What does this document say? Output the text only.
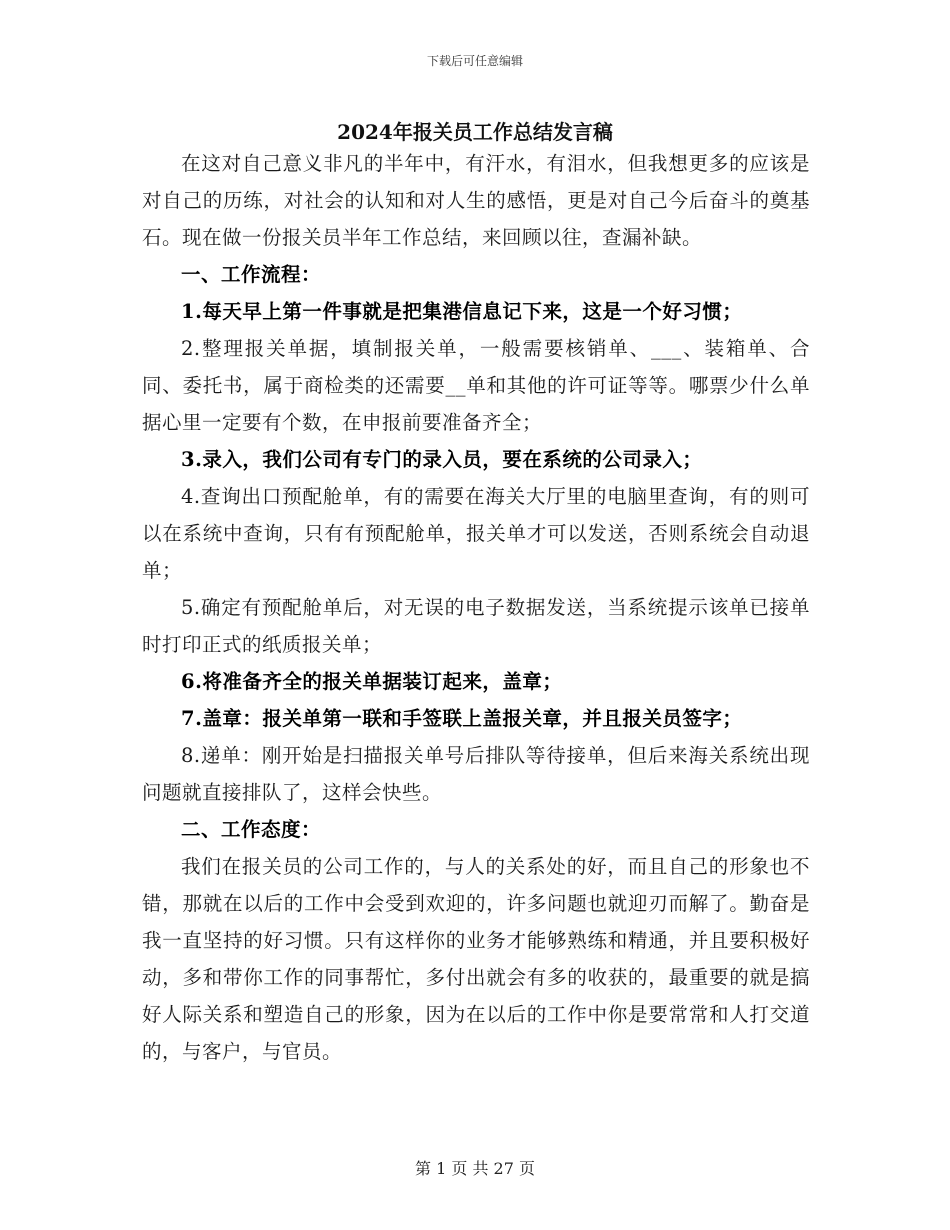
下载后可任意编辑
2024年报关员工作总结发言稿

在这对自己意义非凡的半年中，有汗水，有泪水，但我想更多的应该是对自己的历练，对社会的认知和对人生的感悟，更是对自己今后奋斗的奠基石。现在做一份报关员半年工作总结，来回顾以往，查漏补缺。

一、工作流程：

1.每天早上第一件事就是把集港信息记下来，这是一个好习惯；

2.整理报关单据，填制报关单，一般需要核销单、___、装箱单、合同、委托书，属于商检类的还需要__单和其他的许可证等等。哪票少什么单据心里一定要有个数，在申报前要准备齐全；

3.录入，我们公司有专门的录入员，要在系统的公司录入；

4.查询出口预配舱单，有的需要在海关大厅里的电脑里查询，有的则可以在系统中查询，只有有预配舱单，报关单才可以发送，否则系统会自动退单；

5.确定有预配舱单后，对无误的电子数据发送，当系统提示该单已接单时打印正式的纸质报关单；

6.将准备齐全的报关单据装订起来，盖章；

7.盖章：报关单第一联和手签联上盖报关章，并且报关员签字；

8.递单：刚开始是扫描报关单号后排队等待接单，但后来海关系统出现问题就直接排队了，这样会快些。

二、工作态度：

我们在报关员的公司工作的，与人的关系处的好，而且自己的形象也不错，那就在以后的工作中会受到欢迎的，许多问题也就迎刃而解了。勤奋是我一直坚持的好习惯。只有这样你的业务才能够熟练和精通，并且要积极好动，多和带你工作的同事帮忙，多付出就会有多的收获的，最重要的就是搞好人际关系和塑造自己的形象，因为在以后的工作中你是要常常和人打交道的，与客户，与官员。

第 1 页 共 27 页
